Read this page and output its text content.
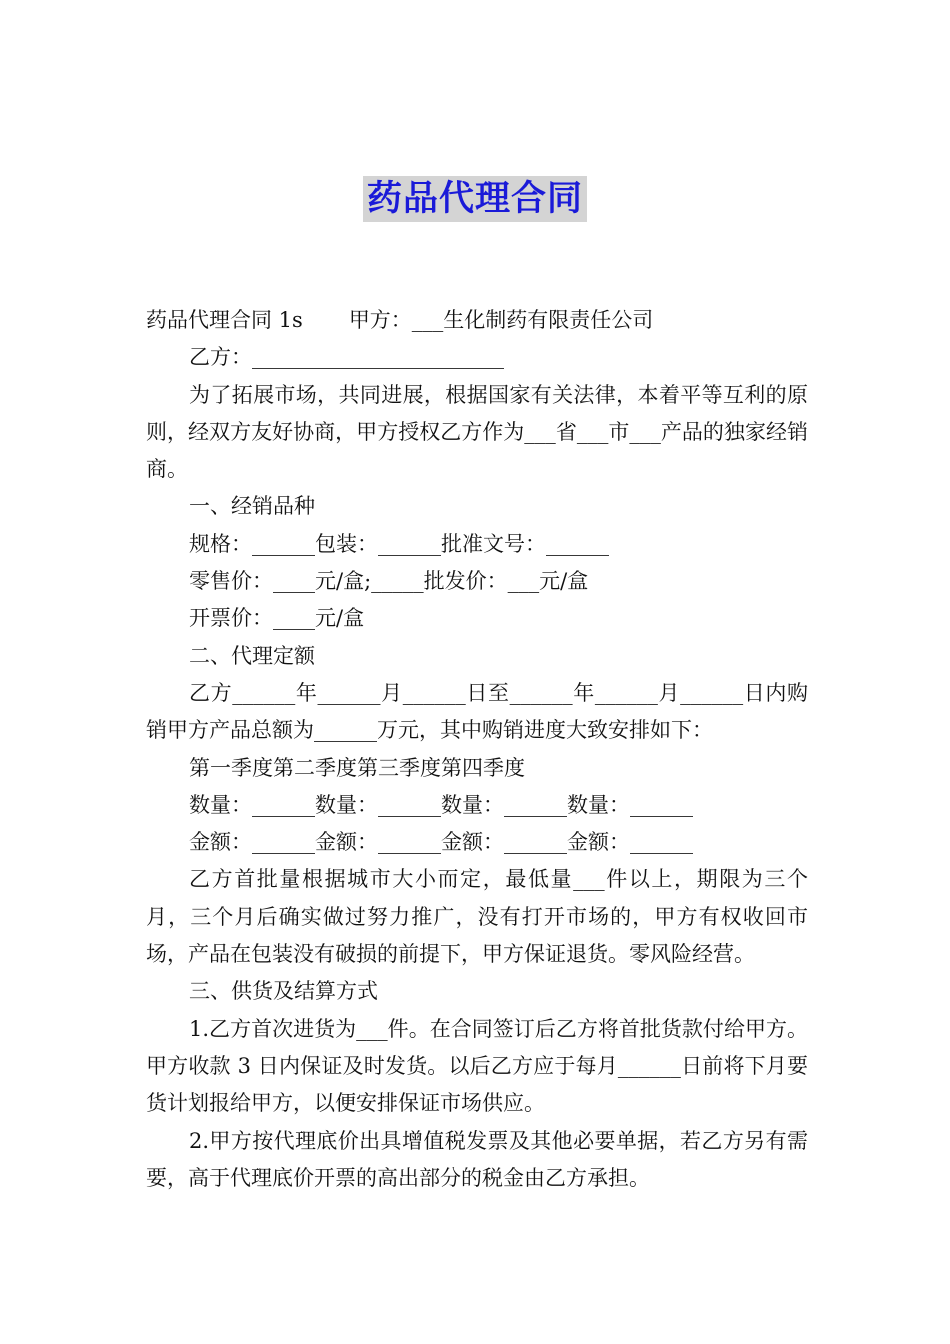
药品代理合同

药品代理合同 1s 甲方：___生化制药有限责任公司

乙方：________________________

为了拓展市场，共同进展，根据国家有关法律，本着平等互利的原则，经双方友好协商，甲方授权乙方作为___省___市___产品的独家经销商。

一、经销品种

规格：______包装：______批准文号：______

零售价：____元/盒;_____批发价：___元/盒

开票价：____元/盒

二、代理定额

乙方______年______月______日至______年______月______日内购销甲方产品总额为______万元，其中购销进度大致安排如下：

第一季度第二季度第三季度第四季度

数量：______数量：______数量：______数量：______

金额：______金额：______金额：______金额：______

乙方首批量根据城市大小而定，最低量___件以上，期限为三个月，三个月后确实做过努力推广，没有打开市场的，甲方有权收回市场，产品在包装没有破损的前提下，甲方保证退货。零风险经营。

三、供货及结算方式

1.乙方首次进货为___件。在合同签订后乙方将首批货款付给甲方。甲方收款 3 日内保证及时发货。以后乙方应于每月______日前将下月要货计划报给甲方，以便安排保证市场供应。

2.甲方按代理底价出具增值税发票及其他必要单据，若乙方另有需要，高于代理底价开票的高出部分的税金由乙方承担。
